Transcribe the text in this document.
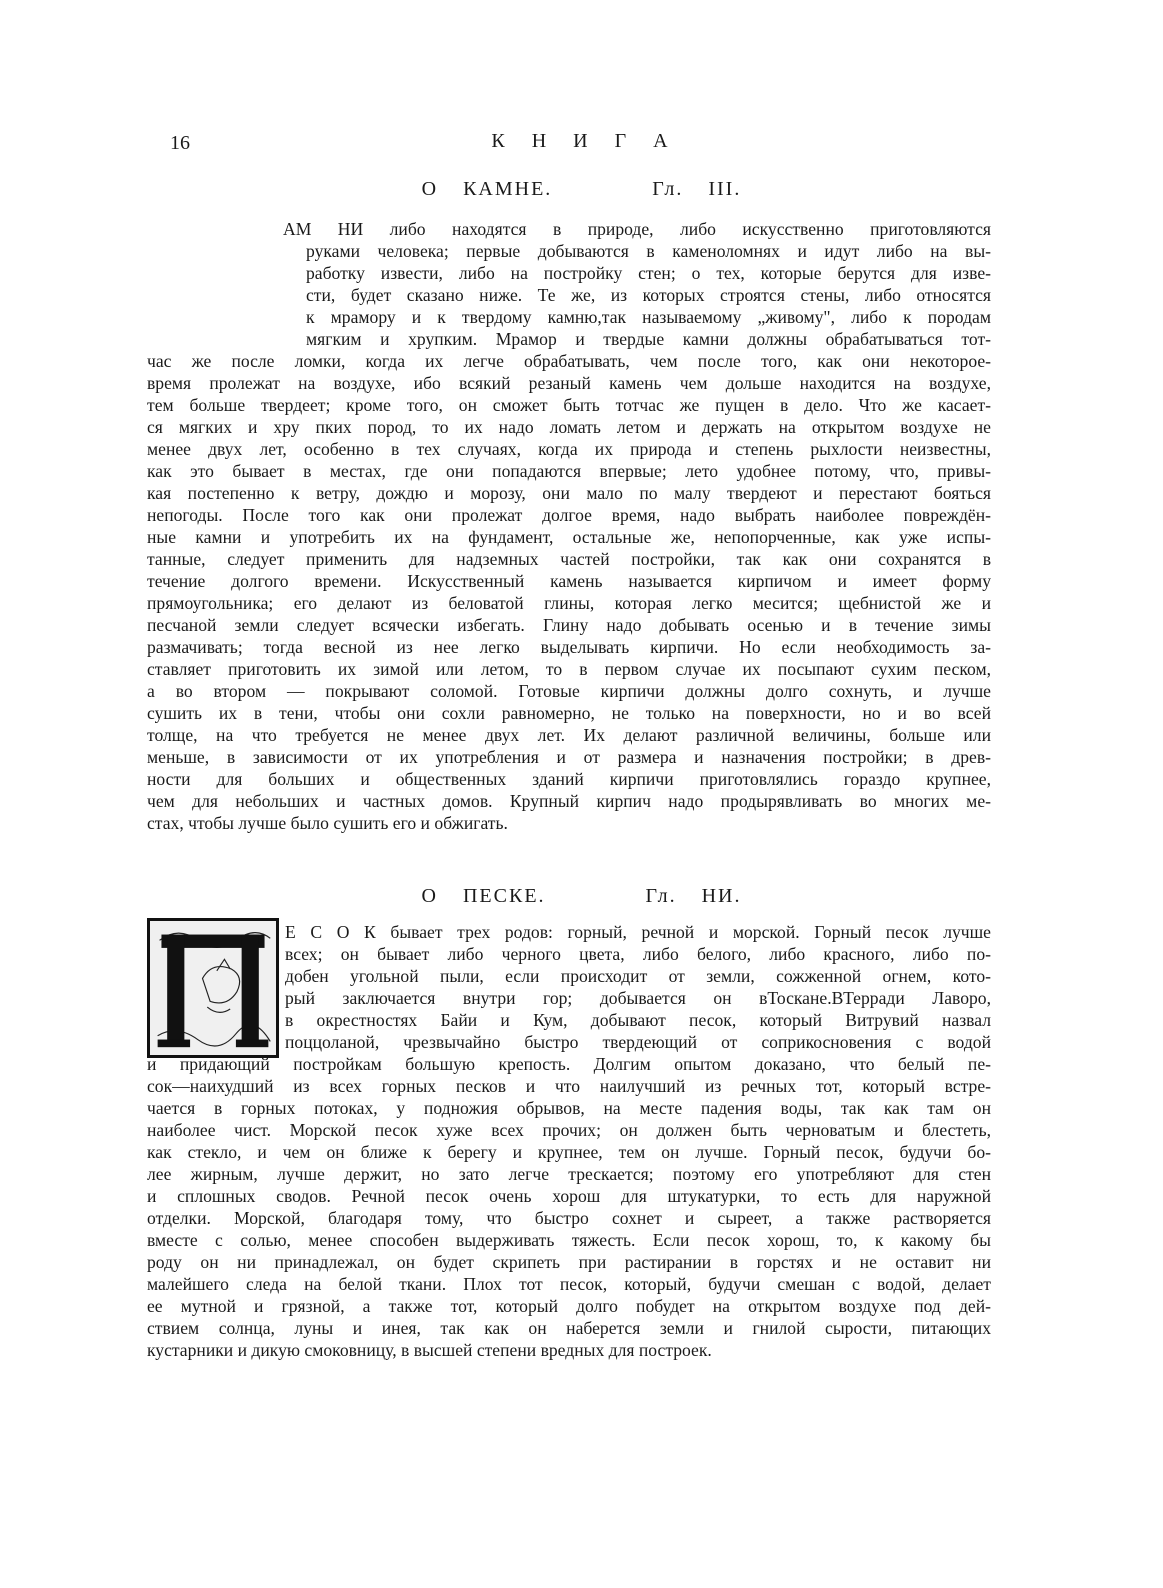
16	К Н И Г А
О КАМНЕ.    Гл. III.
АМ НИ либо находятся в природе, либо искусственно приготовляются
руками человека; первые добываются в каменоломнях и идут либо на вы-
работку извести, либо на постройку стен; о тех, которые берутся для изве-
сти, будет сказано ниже. Те же, из которых строятся стены, либо относятся
к мрамору и к твердому камню,так называемому „живому", либо к породам
мягким и хрупким. Мрамор и твердые камни должны обрабатываться тот-
час же после ломки, когда их легче обрабатывать, чем после того, как они некоторое-
время пролежат на воздухе, ибо всякий резаный камень чем дольше находится на воздухе,
тем больше твердеет; кроме того, он сможет быть тотчас же пущен в дело. Что же касает-
ся мягких и хру пких пород, то их надо ломать летом и держать на открытом воздухе не
менее двух лет, особенно в тех случаях, когда их природа и степень рыхлости неизвестны,
как это бывает в местах, где они попадаются впервые; лето удобнее потому, что, привы-
кая постепенно к ветру, дождю и морозу, они мало по малу твердеют и перестают бояться
непогоды. После того как они пролежат долгое время, надо выбрать наиболее повреждён-
ные камни и употребить их на фундамент, остальные же, непопорченные, как уже испы-
танные, следует применить для надземных частей постройки, так как они сохранятся в
течение долгого времени. Искусственный камень называется кирпичом и имеет форму
прямоугольника; его делают из беловатой глины, которая легко месится; щебнистой же и
песчаной земли следует всячески избегать. Глину надо добывать осенью и в течение зимы
размачивать; тогда весной из нее легко выделывать кирпичи. Но если необходимость за-
ставляет приготовить их зимой или летом, то в первом случае их посыпают сухим песком,
а во втором — покрывают соломой. Готовые кирпичи должны долго сохнуть, и лучше
сушить их в тени, чтобы они сохли равномерно, не только на поверхности, но и во всей
толще, на что требуется не менее двух лет. Их делают различной величины, больше или
меньше, в зависимости от их употребления и от размера и назначения постройки; в древ-
ности для больших и общественных зданий кирпичи приготовлялись гораздо крупнее,
чем для небольших и частных домов. Крупный кирпич надо продырявливать во многих ме-
стах, чтобы лучше было сушить его и обжигать.
О ПЕСКЕ.    Гл. НИ.
Е С О К бывает трех родов: горный, речной и морской. Горный песок лучше
всех; он бывает либо черного цвета, либо белого, либо красного, либо по-
добен угольной пыли, если происходит от земли, сожженной огнем, кото-
рый заключается внутри гор; добывается он вТоскане.ВТерради Лаворо,
в окрестностях Байи и Кум, добывают песок, который Витрувий назвал
поццоланой, чрезвычайно быстро твердеющий от соприкосновения с водой
и придающий постройкам большую крепость. Долгим опытом доказано, что белый пе-
сок—наихудший из всех горных песков и что наилучший из речных тот, который встре-
чается в горных потоках, у подножия обрывов, на месте падения воды, так как там он
наиболее чист. Морской песок хуже всех прочих; он должен быть черноватым и блестеть,
как стекло, и чем он ближе к берегу и крупнее, тем он лучше. Горный песок, будучи бо-
лее жирным, лучше держит, но зато легче трескается; поэтому его употребляют для стен
и сплошных сводов. Речной песок очень хорош для штукатурки, то есть для наружной
отделки. Морской, благодаря тому, что быстро сохнет и сыреет, а также растворяется
вместе с солью, менее способен выдерживать тяжесть. Если песок хорош, то, к какому бы
роду он ни принадлежал, он будет скрипеть при растирании в горстях и не оставит ни
малейшего следа на белой ткани. Плох тот песок, который, будучи смешан с водой, делает
ее мутной и грязной, а также тот, который долго побудет на открытом воздухе под дей-
ствием солнца, луны и инея, так как он наберется земли и гнилой сырости, питающих
кустарники и дикую смоковницу, в высшей степени вредных для построек.
